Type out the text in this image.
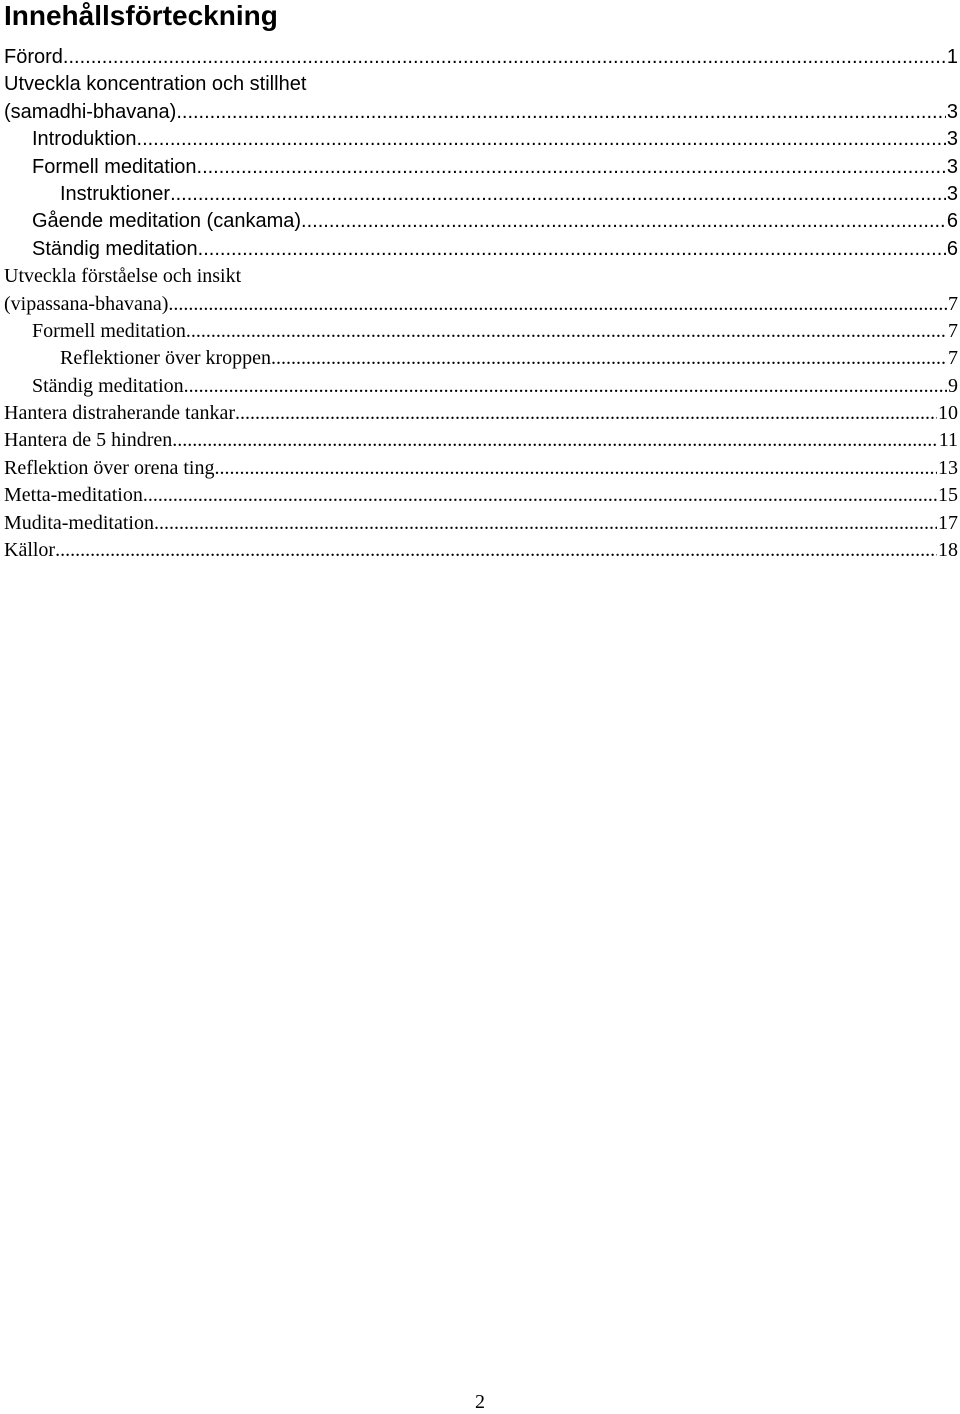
Innehållsförteckning
Förord .....	1
Utveckla koncentration och stillhet
(samadhi-bhavana) .....	3
Introduktion .....	3
Formell meditation .....	3
Instruktioner .....	3
Gående meditation (cankama) .....	6
Ständig meditation .....	6
Utveckla förståelse och insikt
(vipassana-bhavana) .....	7
Formell meditation .....	7
Reflektioner över kroppen .....	7
Ständig meditation .....	9
Hantera distraherande tankar .....	10
Hantera de 5 hindren .....	11
Reflektion över orena ting .....	13
Metta-meditation .....	15
Mudita-meditation .....	17
Källor .....	18
2
